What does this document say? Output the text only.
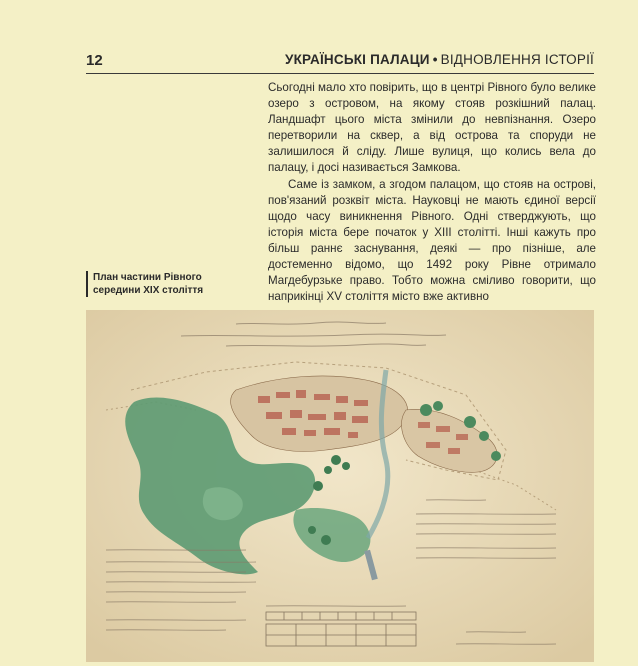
12	УКРАЇНСЬКІ ПАЛАЦИ • ВІДНОВЛЕННЯ ІСТОРІЇ

Сьогодні мало хто повірить, що в центрі Рівного було велике озеро з островом, на якому стояв розкішний палац. Ландшафт цього міста змінили до невпізнання. Озеро перетворили на сквер, а від острова та споруди не залишилося й сліду. Лише вулиця, що колись вела до палацу, і досі називається Замкова.

Саме із замком, а згодом палацом, що стояв на острові, пов'язаний розквіт міста. Науковці не мають єдиної версії щодо часу виникнення Рівного. Одні стверджують, що історія міста бере початок у XIII столітті. Інші кажуть про більш раннє заснування, деякі — про пізніше, але достеменно відомо, що 1492 року Рівне отримало Магдебурзьке право. Тобто можна сміливо говорити, що наприкінці XV століття місто вже активно

План частини Рівного середини XIX століття
